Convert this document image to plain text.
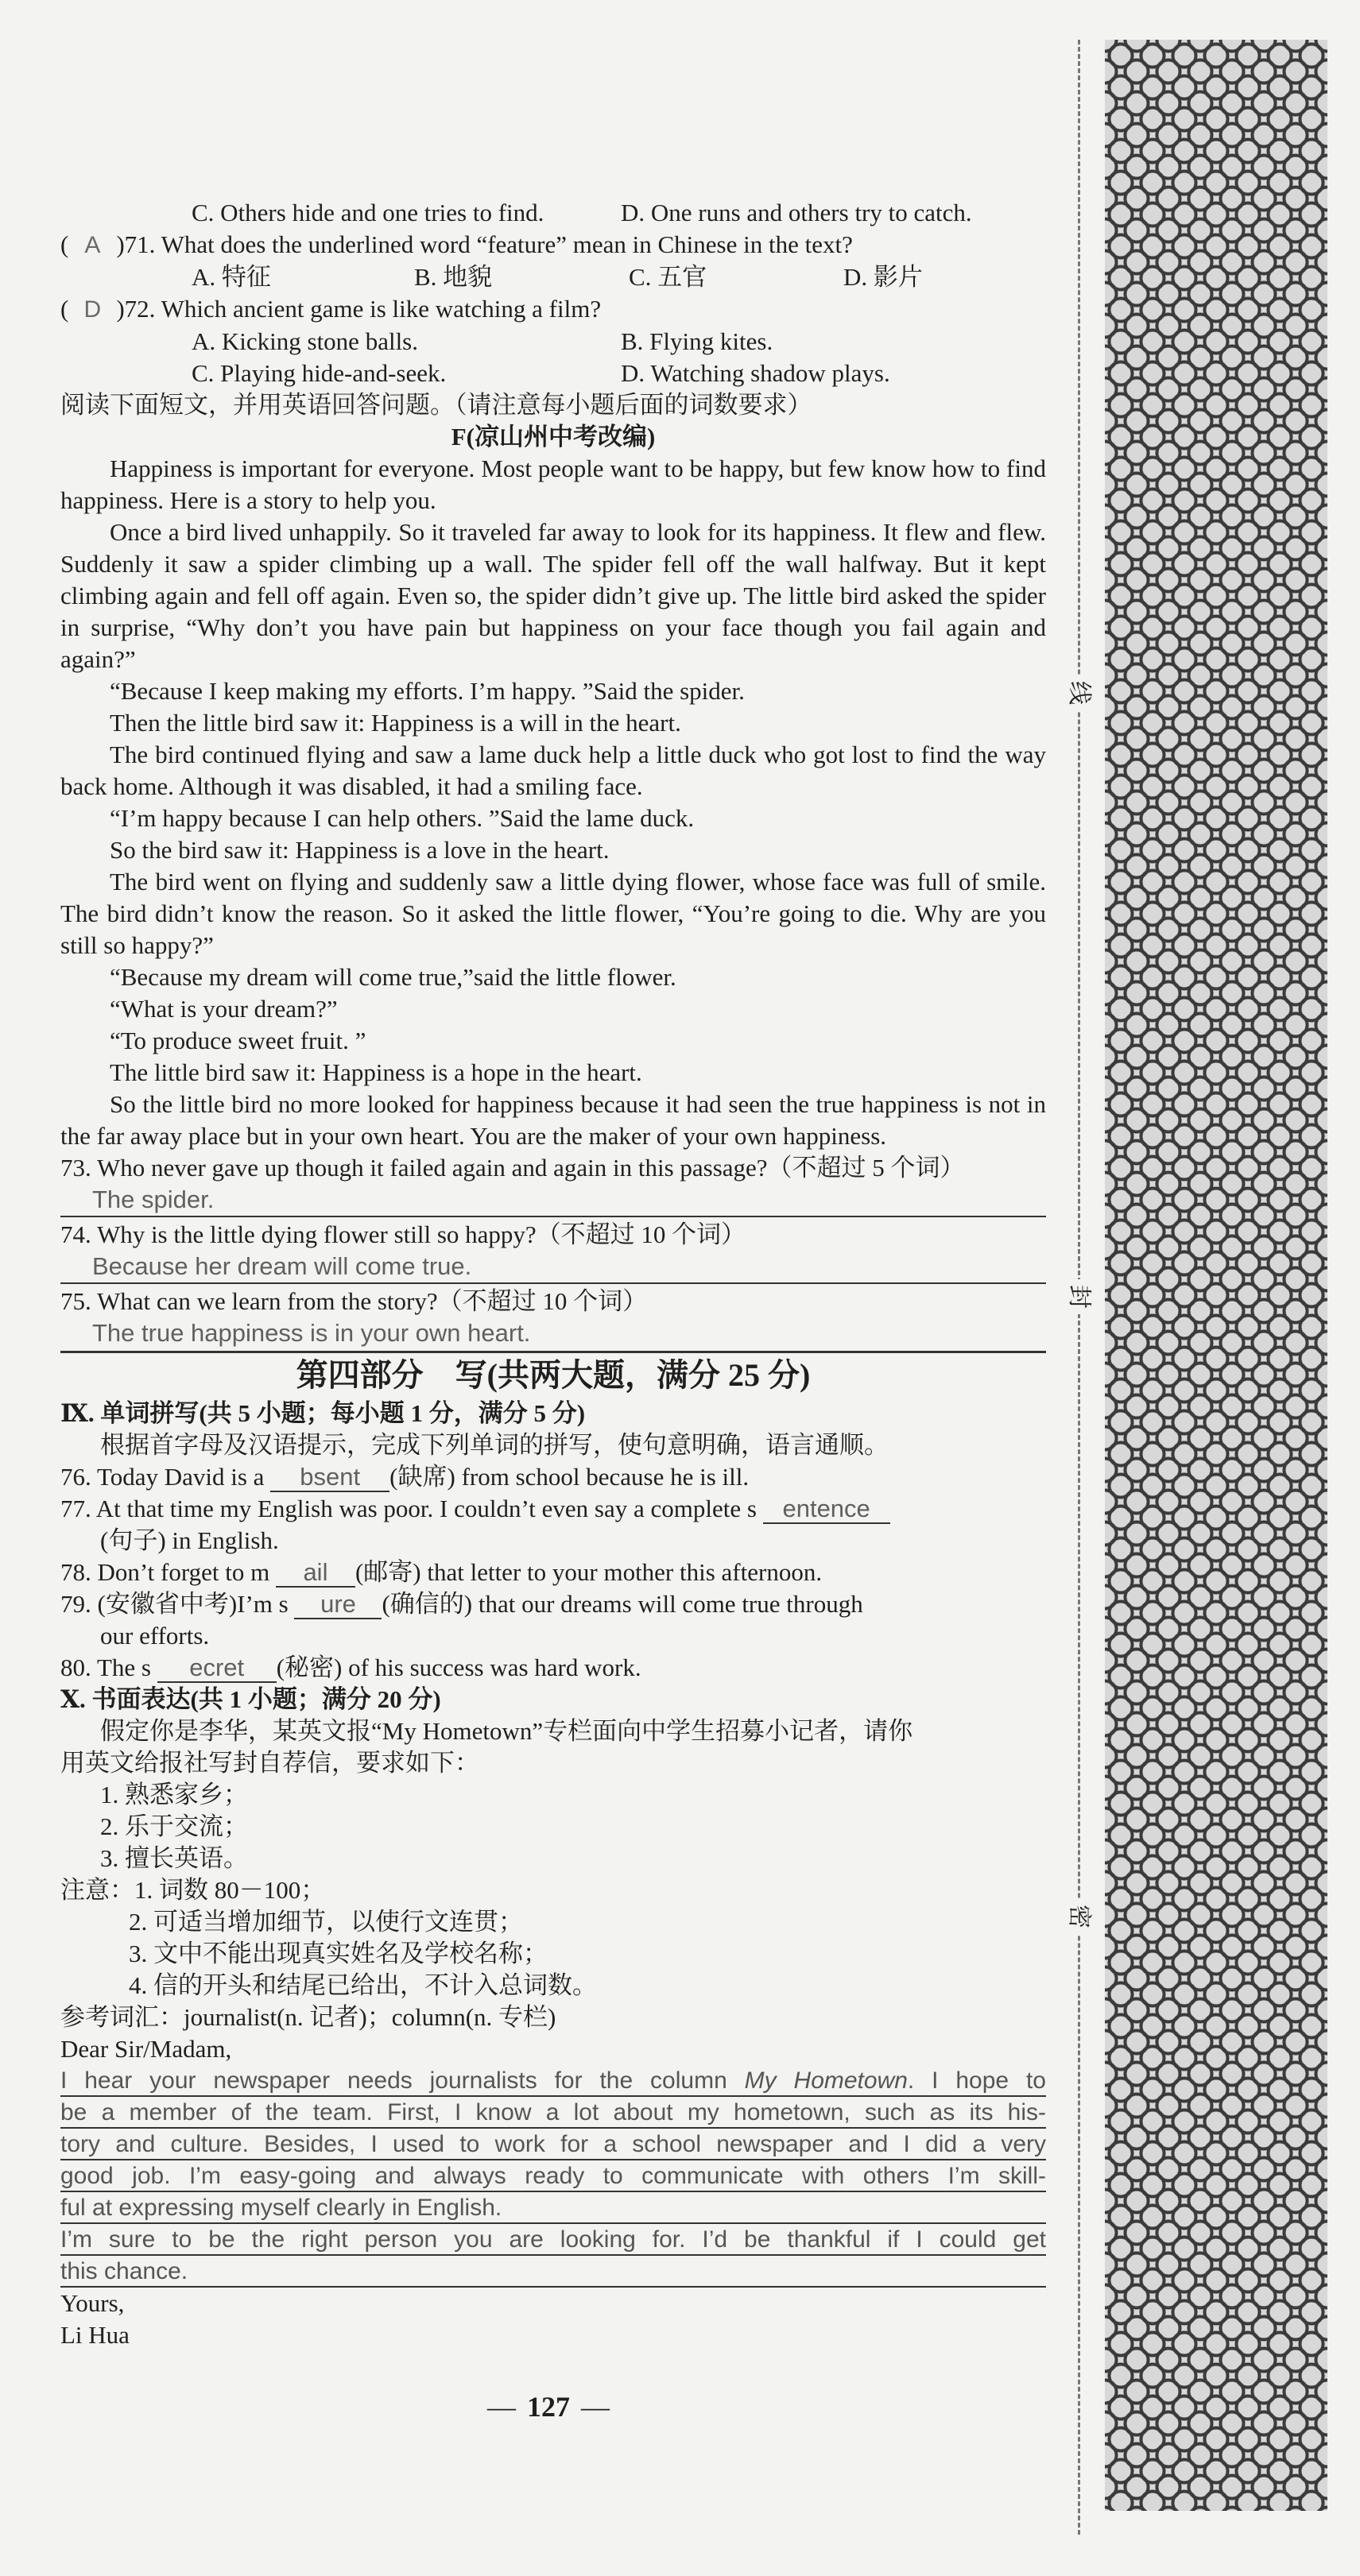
C. Others hide and one tries to find.	D. One runs and others try to catch.
( A )71. What does the underlined word “feature” mean in Chinese in the text?
A. 特征	B. 地貌	C. 五官	D. 影片
( D )72. Which ancient game is like watching a film?
A. Kicking stone balls.	B. Flying kites.
C. Playing hide-and-seek.	D. Watching shadow plays.
阅读下面短文，并用英语回答问题。（请注意每小题后面的词数要求）
F(凉山州中考改编)
Happiness is important for everyone. Most people want to be happy, but few know how to find happiness. Here is a story to help you.
Once a bird lived unhappily. So it traveled far away to look for its happiness. It flew and flew. Suddenly it saw a spider climbing up a wall. The spider fell off the wall halfway. But it kept climbing again and fell off again. Even so, the spider didn’t give up. The little bird asked the spider in surprise, “Why don’t you have pain but happiness on your face though you fail again and again?”
“Because I keep making my efforts. I’m happy. ”Said the spider.
Then the little bird saw it: Happiness is a will in the heart.
The bird continued flying and saw a lame duck help a little duck who got lost to find the way back home. Although it was disabled, it had a smiling face.
“I’m happy because I can help others. ”Said the lame duck.
So the bird saw it: Happiness is a love in the heart.
The bird went on flying and suddenly saw a little dying flower, whose face was full of smile. The bird didn’t know the reason. So it asked the little flower, “You’re going to die. Why are you still so happy?”
“Because my dream will come true,”said the little flower.
“What is your dream?”
“To produce sweet fruit. ”
The little bird saw it: Happiness is a hope in the heart.
So the little bird no more looked for happiness because it had seen the true happiness is not in the far away place but in your own heart. You are the maker of your own happiness.
73. Who never gave up though it failed again and again in this passage?（不超过 5 个词）
The spider.
74. Why is the little dying flower still so happy?（不超过 10 个词）
Because her dream will come true.
75. What can we learn from the story?（不超过 10 个词）
The true happiness is in your own heart.
第四部分　写(共两大题，满分 25 分)
Ⅸ. 单词拼写(共 5 小题；每小题 1 分，满分 5 分)
根据首字母及汉语提示，完成下列单词的拼写，使句意明确，语言通顺。
76. Today David is a bsent (缺席) from school because he is ill.
77. At that time my English was poor. I couldn’t even say a complete s entence
(句子) in English.
78. Don’t forget to m ail (邮寄) that letter to your mother this afternoon.
79. (安徽省中考)I’m s ure (确信的) that our dreams will come true through
our efforts.
80. The s ecret (秘密) of his success was hard work.
Ⅹ. 书面表达(共 1 小题；满分 20 分)
假定你是李华，某英文报“My Hometown”专栏面向中学生招募小记者，请你
用英文给报社写封自荐信，要求如下：
1. 熟悉家乡；
2. 乐于交流；
3. 擅长英语。
注意：1. 词数 80－100；
2. 可适当增加细节，以使行文连贯；
3. 文中不能出现真实姓名及学校名称；
4. 信的开头和结尾已给出，不计入总词数。
参考词汇：journalist(n. 记者)；column(n. 专栏)
Dear Sir/Madam,
I hear your newspaper needs journalists for the column My Hometown. I hope to
be a member of the team. First, I know a lot about my hometown, such as its his-
tory and culture. Besides, I used to work for a school newspaper and I did a very
good job. I’m easy-going and always ready to communicate with others I’m skill-
ful at expressing myself clearly in English.
I’m sure to be the right person you are looking for. I’d be thankful if I could get
this chance.
Yours,
Li Hua
— 127 —
线
封
密
